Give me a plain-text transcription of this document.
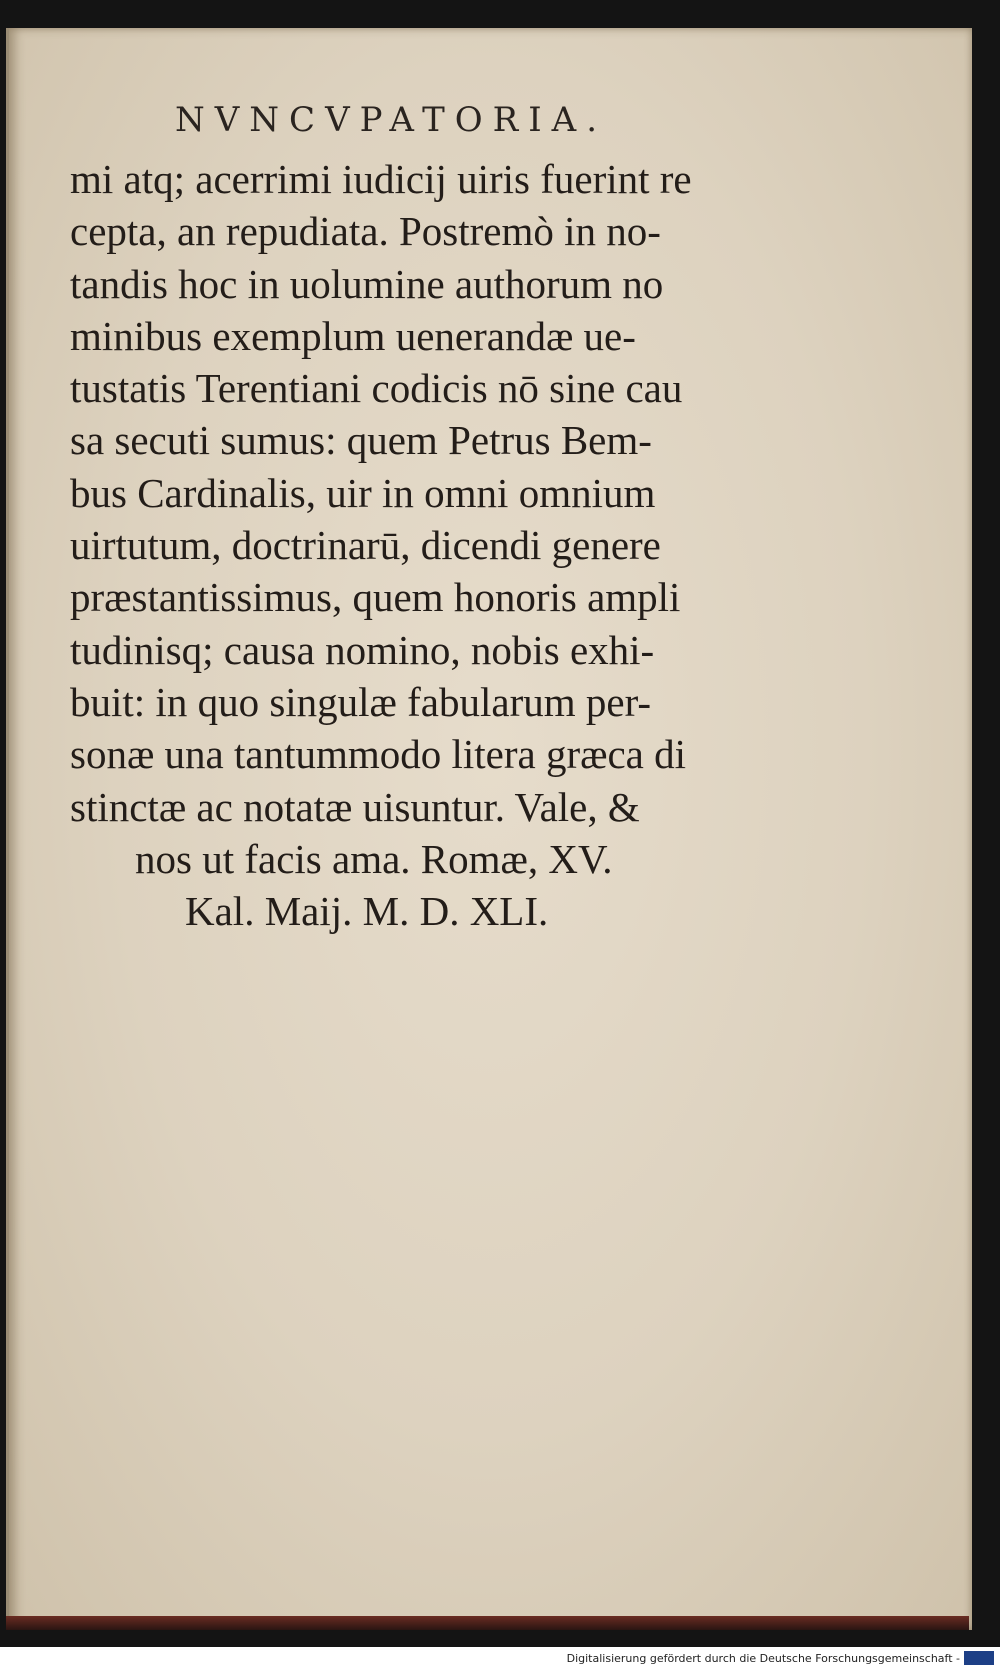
NVNCVPATORIA.
mi atq; acerrimi iudicij uiris fuerint re
cepta, an repudiata. Postremò in no-
tandis hoc in uolumine authorum no
minibus exemplum uenerandæ ue-
tustatis Terentiani codicis nō sine cau
sa secuti sumus: quem Petrus Bem-
bus Cardinalis, uir in omni omnium
uirtutum, doctrinarū, dicendi genere
præstantissimus, quem honoris ampli
tudinisq; causa nomino, nobis exhi-
buit: in quo singulæ fabularum per-
sonæ una tantummodo litera græca di
stinctæ ac notatæ uisuntur. Vale, &
nos ut facis ama. Romæ, XV.
Kal. Maij. M. D. XLI.
Digitalisierung gefördert durch die Deutsche Forschungsgemeinschaft -
